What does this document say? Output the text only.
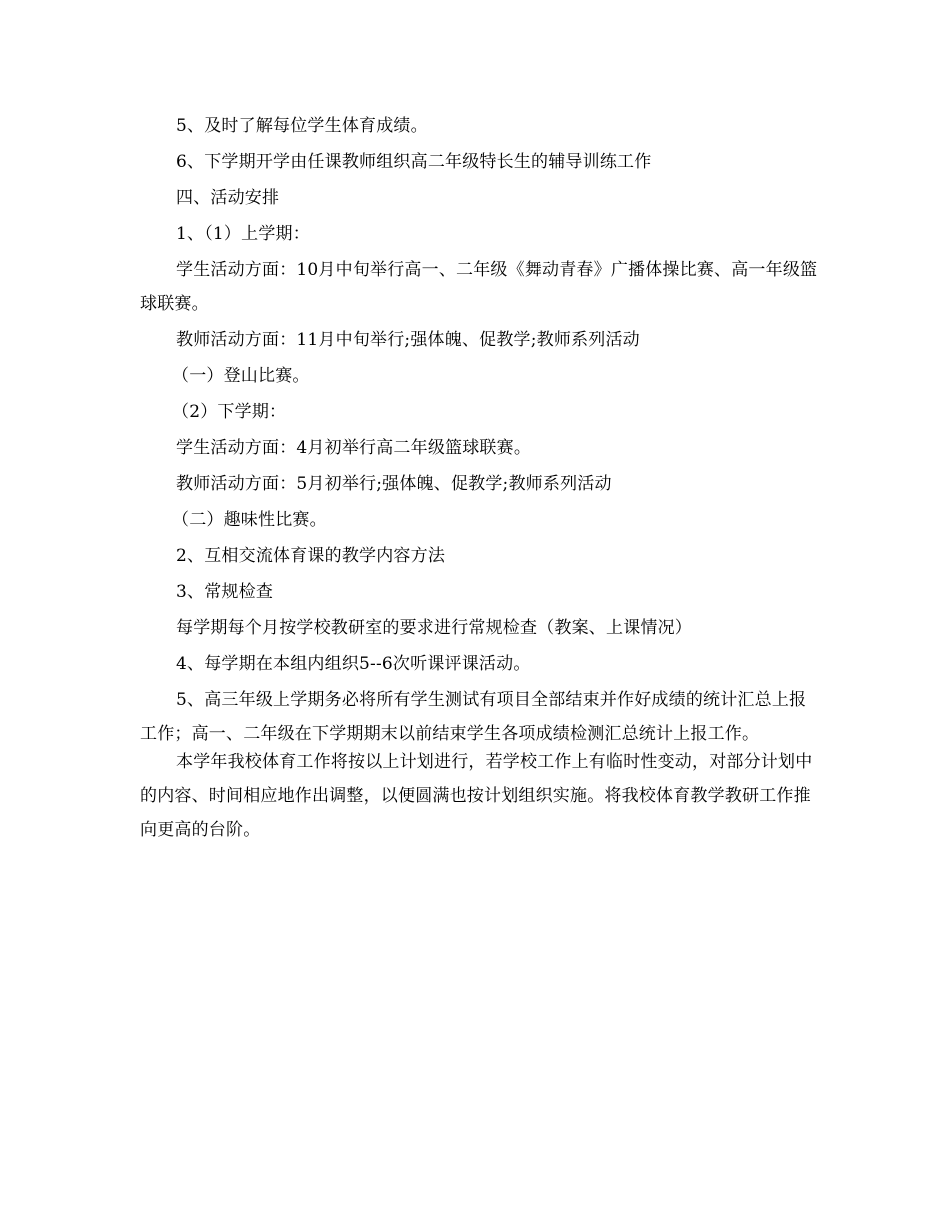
5、及时了解每位学生体育成绩。

6、下学期开学由任课教师组织高二年级特长生的辅导训练工作

四、活动安排

1、（1）上学期：

学生活动方面：10月中旬举行高一、二年级《舞动青春》广播体操比赛、高一年级篮球联赛。

教师活动方面：11月中旬举行;强体魄、促教学;教师系列活动

（一）登山比赛。

（2）下学期：

学生活动方面：4月初举行高二年级篮球联赛。

教师活动方面：5月初举行;强体魄、促教学;教师系列活动

（二）趣味性比赛。

2、互相交流体育课的教学内容方法

3、常规检查

每学期每个月按学校教研室的要求进行常规检查（教案、上课情况）

4、每学期在本组内组织5--6次听课评课活动。

5、高三年级上学期务必将所有学生测试有项目全部结束并作好成绩的统计汇总上报工作；高一、二年级在下学期期末以前结束学生各项成绩检测汇总统计上报工作。

本学年我校体育工作将按以上计划进行，若学校工作上有临时性变动，对部分计划中的内容、时间相应地作出调整，以便圆满也按计划组织实施。将我校体育教学教研工作推向更高的台阶。
